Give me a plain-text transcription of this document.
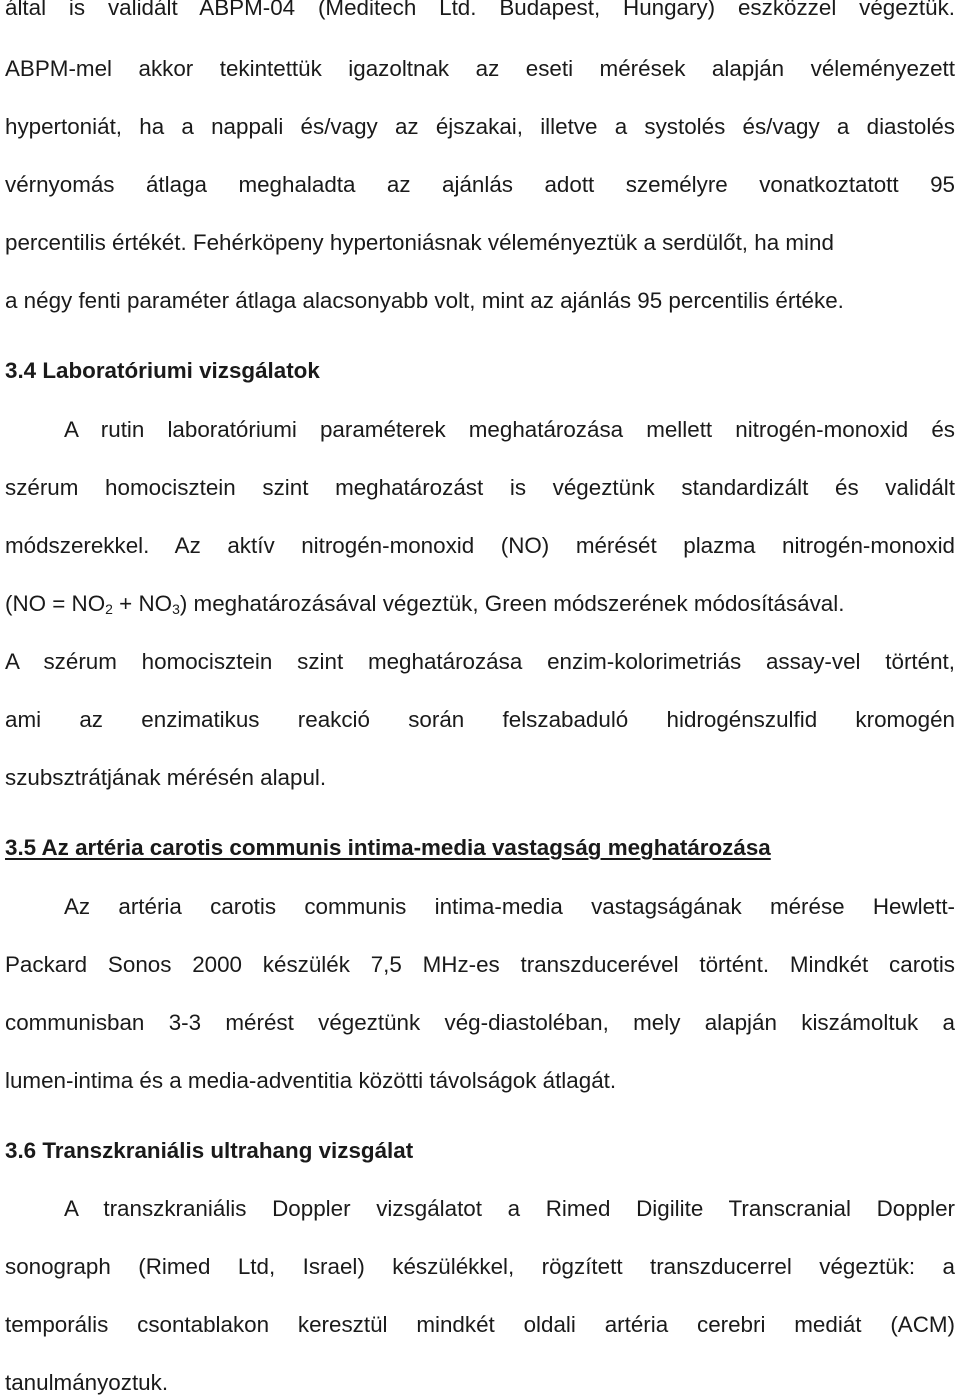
által is validált ABPM-04 (Meditech Ltd. Budapest, Hungary) eszközzel végeztük.
ABPM-mel akkor tekintettük igazoltnak az eseti mérések alapján véleményezett
hypertoniát, ha a nappali és/vagy az éjszakai, illetve a systolés és/vagy a diastolés
vérnyomás átlaga meghaladta az ajánlás adott személyre vonatkoztatott 95
percentilis értékét. Fehérköpeny hypertoniásnak véleményeztük a serdülőt, ha mind
a négy fenti paraméter átlaga alacsonyabb volt, mint az ajánlás 95 percentilis értéke.
3.4 Laboratóriumi vizsgálatok
A rutin laboratóriumi paraméterek meghatározása mellett nitrogén-monoxid és
szérum homocisztein szint meghatározást is végeztünk standardizált és validált
módszerekkel. Az aktív nitrogén-monoxid (NO) mérését plazma nitrogén-monoxid
$(NO = NO_2 + NO_3)$ meghatározásával végeztük, Green módszerének módosításával.
A szérum homocisztein szint meghatározása enzim-kolorimetriás assay-vel történt,
ami az enzimatikus reakció során felszabaduló hidrogénszulfid kromogén
szubsztrátjának mérésén alapul.
3.5 Az artéria carotis communis intima-media vastagság meghatározása
Az artéria carotis communis intima-media vastagságának mérése Hewlett-
Packard Sonos 2000 készülék 7,5 MHz-es transzducerével történt. Mindkét carotis
communisban 3-3 mérést végeztünk vég-diastoléban, mely alapján kiszámoltuk a
lumen-intima és a media-adventitia közötti távolságok átlagát.
3.6 Transzkraniális ultrahang vizsgálat
A transzkraniális Doppler vizsgálatot a Rimed Digilite Transcranial Doppler
sonograph (Rimed Ltd, Israel) készülékkel, rögzített transzducerrel végeztük: a
temporális csontablakon keresztül mindkét oldali artéria cerebri mediát (ACM)
tanulmányoztuk.
